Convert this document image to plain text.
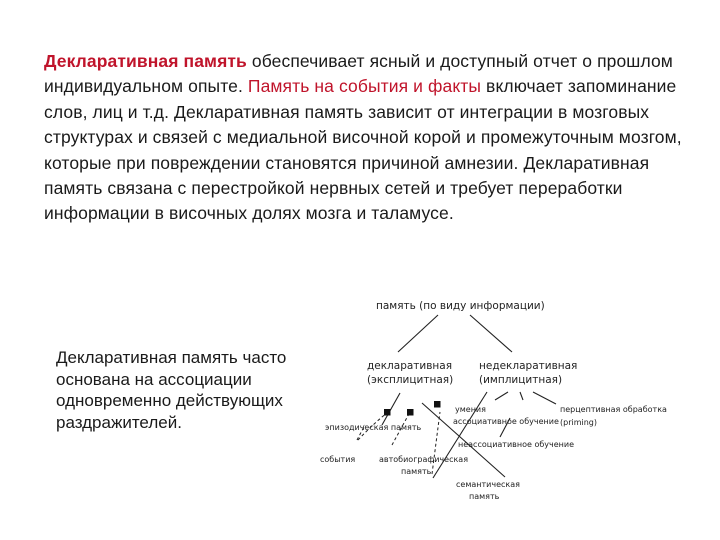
Декларативная память обеспечивает ясный и доступный отчет о прошлом индивидуальном опыте. Память на события и факты включает запоминание слов, лиц и т.д. Декларативная память зависит от интеграции в мозговых структурах и связей с медиальной височной корой и промежуточным мозгом, которые при повреждении становятся причиной амнезии. Декларативная память связана с перестройкой нервных сетей и требует переработки информации в височных долях мозга и таламусе.
Декларативная память часто основана на ассоциации одновременно действующих раздражителей.
память (по виду информации)
декларативная
(эксплицитная)
недекларативная
(имплицитная)
эпизодическая память
умения
ассоциативное обучение
перцептивная обработка
(priming)
события	автобиографическая
память
неассоциативное обучение
семантическая
память
